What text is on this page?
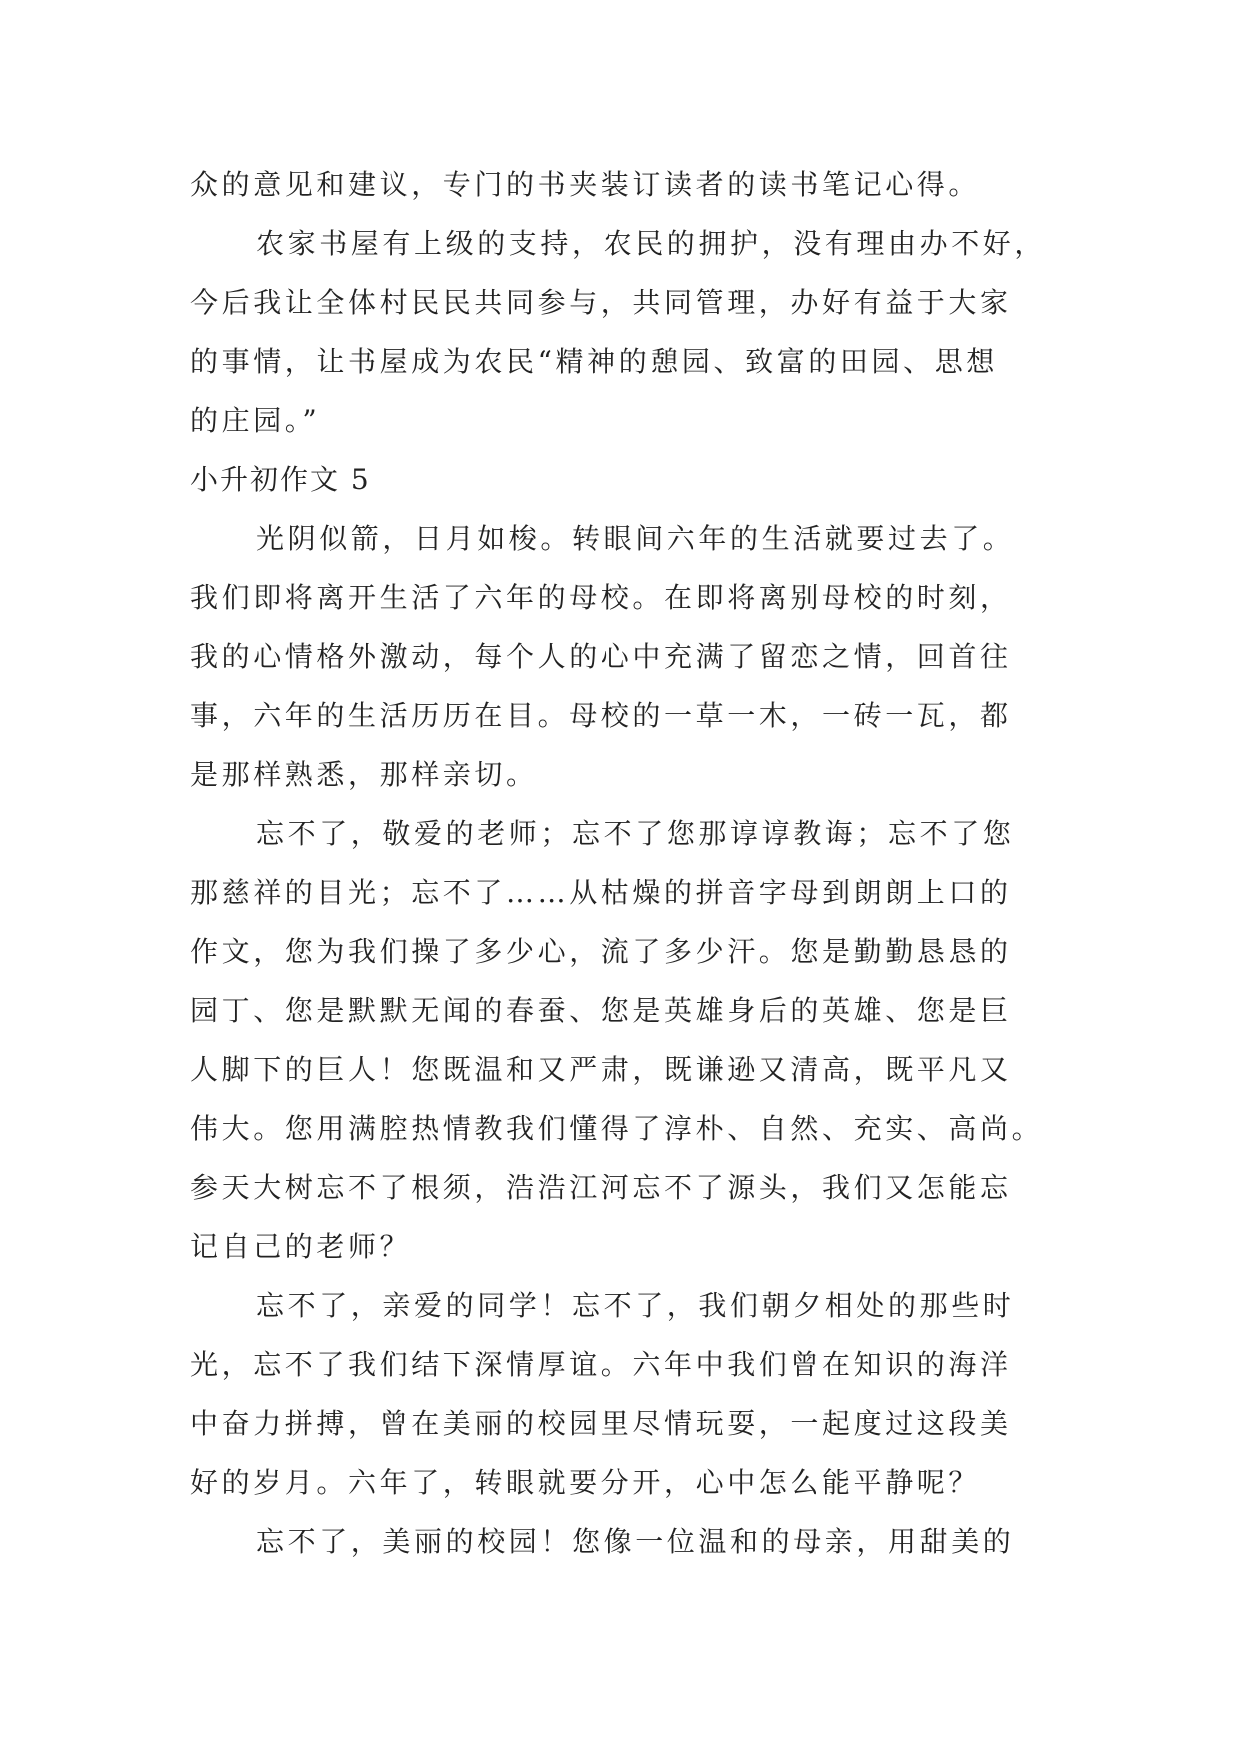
众的意见和建议，专门的书夹装订读者的读书笔记心得。
农家书屋有上级的支持，农民的拥护，没有理由办不好，
今后我让全体村民民共同参与，共同管理，办好有益于大家
的事情，让书屋成为农民“精神的憩园、致富的田园、思想
的庄园。”
小升初作文 5
光阴似箭，日月如梭。转眼间六年的生活就要过去了。
我们即将离开生活了六年的母校。在即将离别母校的时刻，
我的心情格外激动，每个人的心中充满了留恋之情，回首往
事，六年的生活历历在目。母校的一草一木，一砖一瓦，都
是那样熟悉，那样亲切。
忘不了，敬爱的老师；忘不了您那谆谆教诲；忘不了您
那慈祥的目光；忘不了……从枯燥的拼音字母到朗朗上口的
作文，您为我们操了多少心，流了多少汗。您是勤勤恳恳的
园丁、您是默默无闻的春蚕、您是英雄身后的英雄、您是巨
人脚下的巨人！您既温和又严肃，既谦逊又清高，既平凡又
伟大。您用满腔热情教我们懂得了淳朴、自然、充实、高尚。
参天大树忘不了根须，浩浩江河忘不了源头，我们又怎能忘
记自己的老师？
忘不了，亲爱的同学！忘不了，我们朝夕相处的那些时
光，忘不了我们结下深情厚谊。六年中我们曾在知识的海洋
中奋力拼搏，曾在美丽的校园里尽情玩耍，一起度过这段美
好的岁月。六年了，转眼就要分开，心中怎么能平静呢？
忘不了，美丽的校园！您像一位温和的母亲，用甜美的
